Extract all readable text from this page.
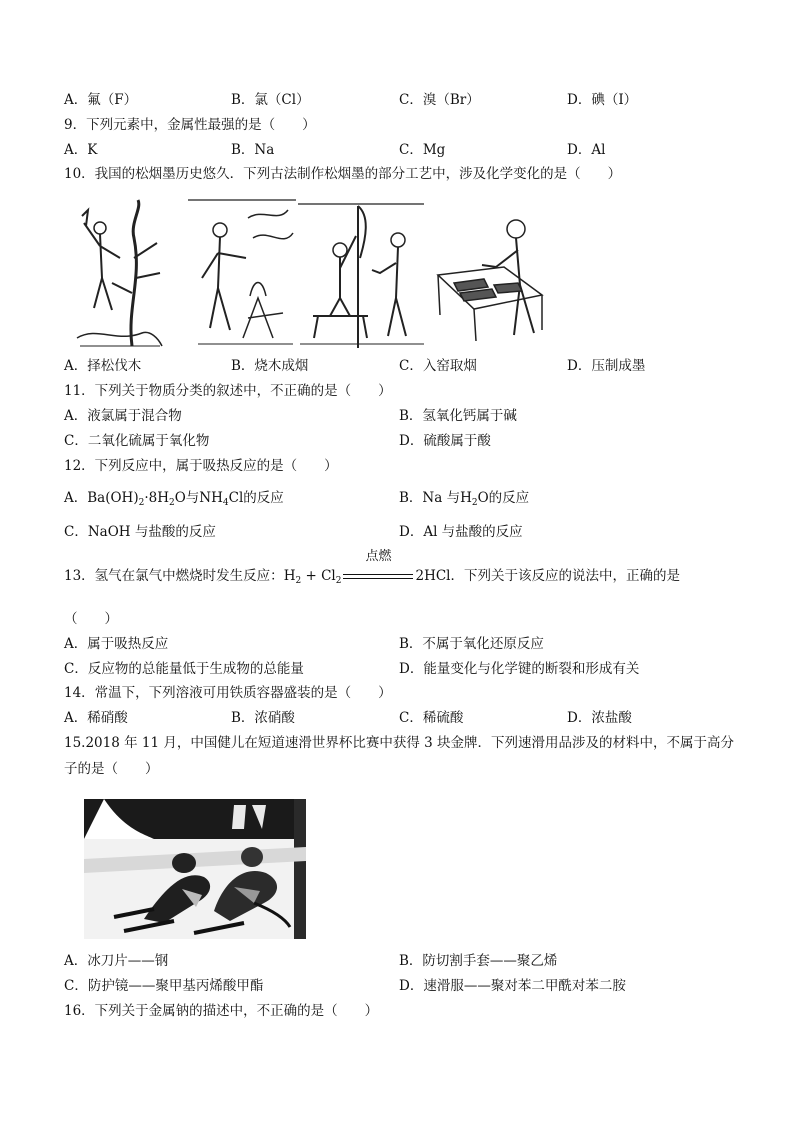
A．氟（F）	B．氯（Cl）	C．溴（Br）	D．碘（I）
9．下列元素中，金属性最强的是（　　）
A．K	B．Na	C．Mg	D．Al
10．我国的松烟墨历史悠久．下列古法制作松烟墨的部分工艺中，涉及化学变化的是（　　）
A．择松伐木	B．烧木成烟	C．入窑取烟	D．压制成墨
11．下列关于物质分类的叙述中，不正确的是（　　）
A．液氯属于混合物	B．氢氧化钙属于碱
C．二氧化硫属于氧化物	D．硫酸属于酸
12．下列反应中，属于吸热反应的是（　　）
A．$Ba(OH)_2\cdot 8H_2O$与$NH_4Cl$的反应	B．Na 与$H_2O$的反应
C．NaOH 与盐酸的反应	D．Al 与盐酸的反应
13．氢气在氯气中燃烧时发生反应：$H_2 + Cl_2$
点燃
2HCl．下列关于该反应的说法中，正确的是
（　　）
A．属于吸热反应	B．不属于氧化还原反应
C．反应物的总能量低于生成物的总能量	D．能量变化与化学键的断裂和形成有关
14．常温下，下列溶液可用铁质容器盛装的是（　　）
A．稀硝酸	B．浓硝酸	C．稀硫酸	D．浓盐酸
15.2018 年 11 月，中国健儿在短道速滑世界杯比赛中获得 3 块金牌．下列速滑用品涉及的材料中，不属于高分
子的是（　　）
A．冰刀片——钢	B．防切割手套——聚乙烯
C．防护镜——聚甲基丙烯酸甲酯	D．速滑服——聚对苯二甲酰对苯二胺
16．下列关于金属钠的描述中，不正确的是（　　）
